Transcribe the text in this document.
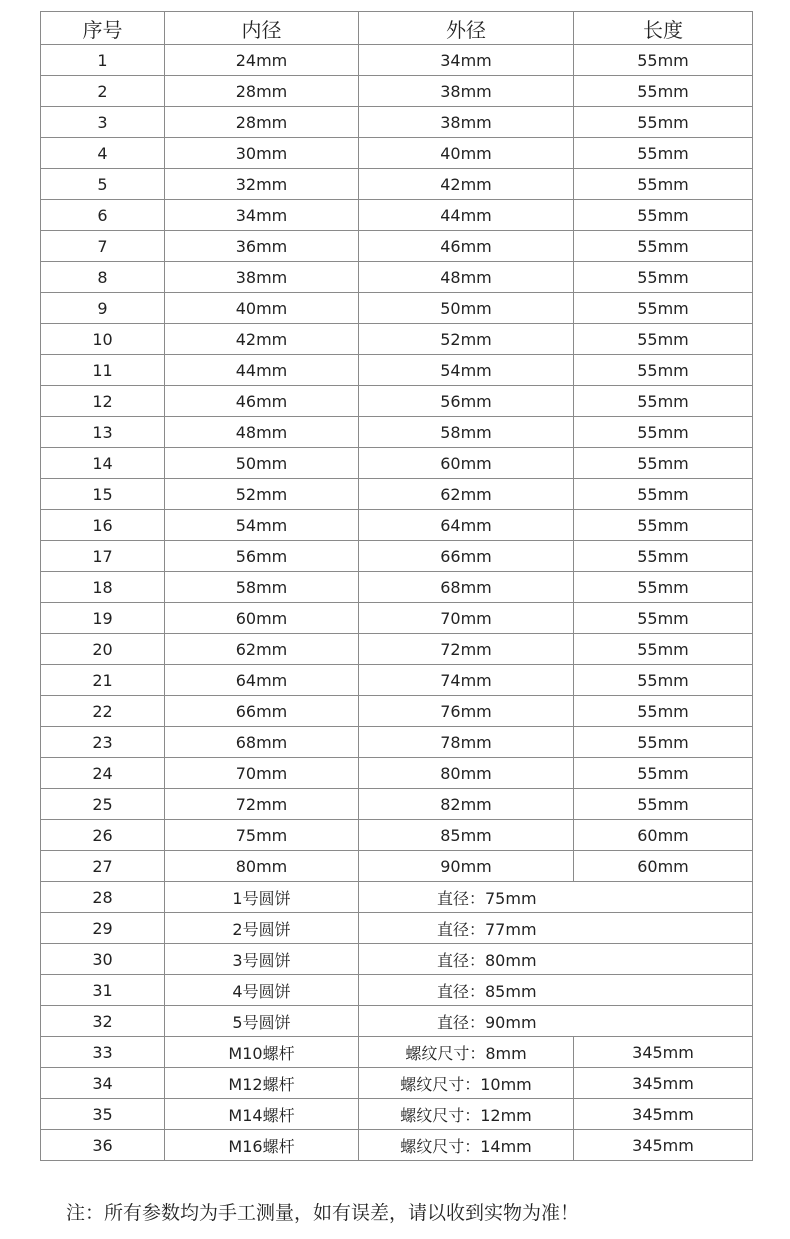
序号	内径	外径	长度
1	24mm	34mm	55mm
2	28mm	38mm	55mm
3	28mm	38mm	55mm
4	30mm	40mm	55mm
5	32mm	42mm	55mm
6	34mm	44mm	55mm
7	36mm	46mm	55mm
8	38mm	48mm	55mm
9	40mm	50mm	55mm
10	42mm	52mm	55mm
11	44mm	54mm	55mm
12	46mm	56mm	55mm
13	48mm	58mm	55mm
14	50mm	60mm	55mm
15	52mm	62mm	55mm
16	54mm	64mm	55mm
17	56mm	66mm	55mm
18	58mm	68mm	55mm
19	60mm	70mm	55mm
20	62mm	72mm	55mm
21	64mm	74mm	55mm
22	66mm	76mm	55mm
23	68mm	78mm	55mm
24	70mm	80mm	55mm
25	72mm	82mm	55mm
26	75mm	85mm	60mm
27	80mm	90mm	60mm
28	1号圆饼	直径：75mm	
29	2号圆饼	直径：77mm	
30	3号圆饼	直径：80mm	
31	4号圆饼	直径：85mm	
32	5号圆饼	直径：90mm	
33	M10螺杆	螺纹尺寸：8mm	345mm
34	M12螺杆	螺纹尺寸：10mm	345mm
35	M14螺杆	螺纹尺寸：12mm	345mm
36	M16螺杆	螺纹尺寸：14mm	345mm
注：所有参数均为手工测量，如有误差，请以收到实物为准！
